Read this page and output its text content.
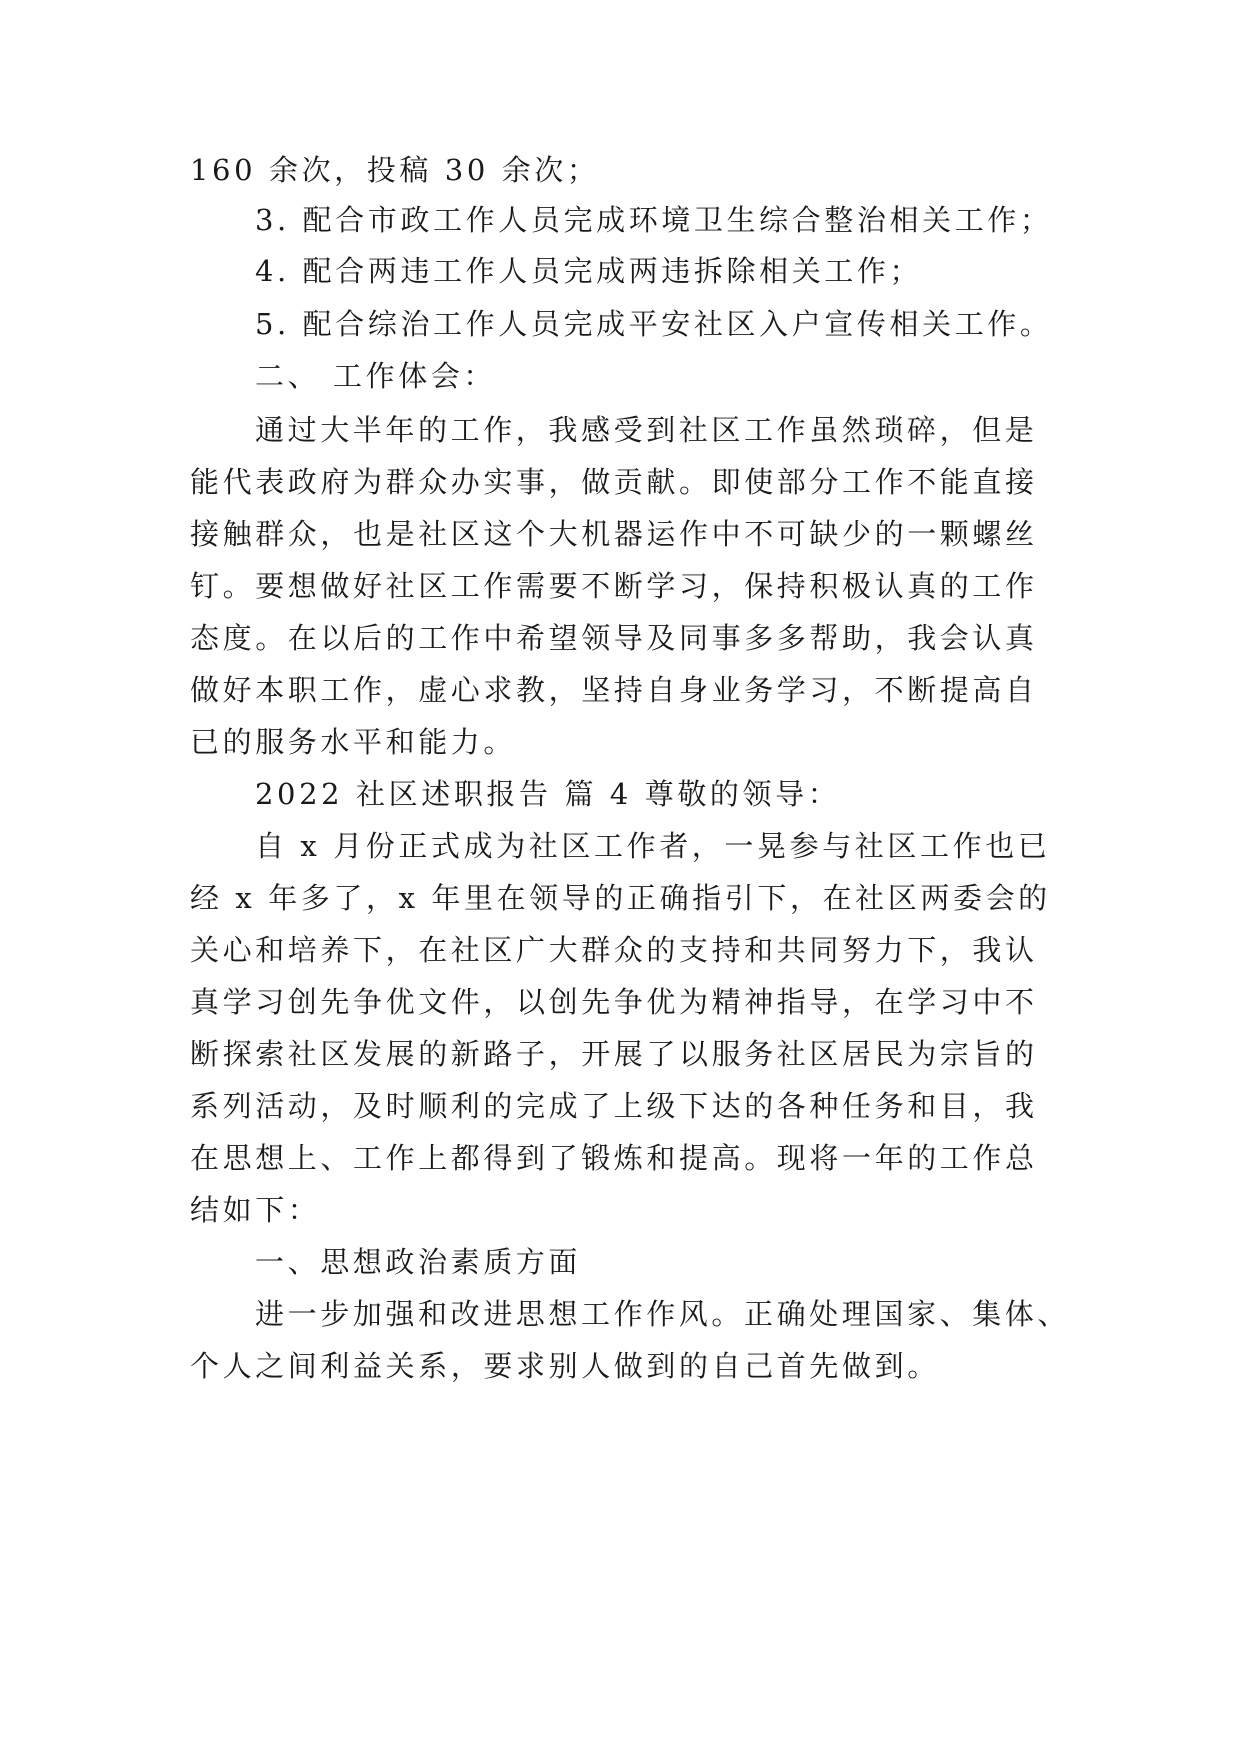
160 余次，投稿 30 余次；
3. 配合市政工作人员完成环境卫生综合整治相关工作；
4. 配合两违工作人员完成两违拆除相关工作；
5. 配合综治工作人员完成平安社区入户宣传相关工作。
二、 工作体会：
通过大半年的工作，我感受到社区工作虽然琐碎，但是
能代表政府为群众办实事，做贡献。即使部分工作不能直接
接触群众，也是社区这个大机器运作中不可缺少的一颗螺丝
钉。要想做好社区工作需要不断学习，保持积极认真的工作
态度。在以后的工作中希望领导及同事多多帮助，我会认真
做好本职工作，虚心求教，坚持自身业务学习，不断提高自
已的服务水平和能力。
2022 社区述职报告 篇 4 尊敬的领导：
自 x 月份正式成为社区工作者，一晃参与社区工作也已
经 x 年多了，x 年里在领导的正确指引下，在社区两委会的
关心和培养下，在社区广大群众的支持和共同努力下，我认
真学习创先争优文件，以创先争优为精神指导，在学习中不
断探索社区发展的新路子，开展了以服务社区居民为宗旨的
系列活动，及时顺利的完成了上级下达的各种任务和目，我
在思想上、工作上都得到了锻炼和提高。现将一年的工作总
结如下：
一、思想政治素质方面
进一步加强和改进思想工作作风。正确处理国家、集体、
个人之间利益关系，要求别人做到的自己首先做到。
